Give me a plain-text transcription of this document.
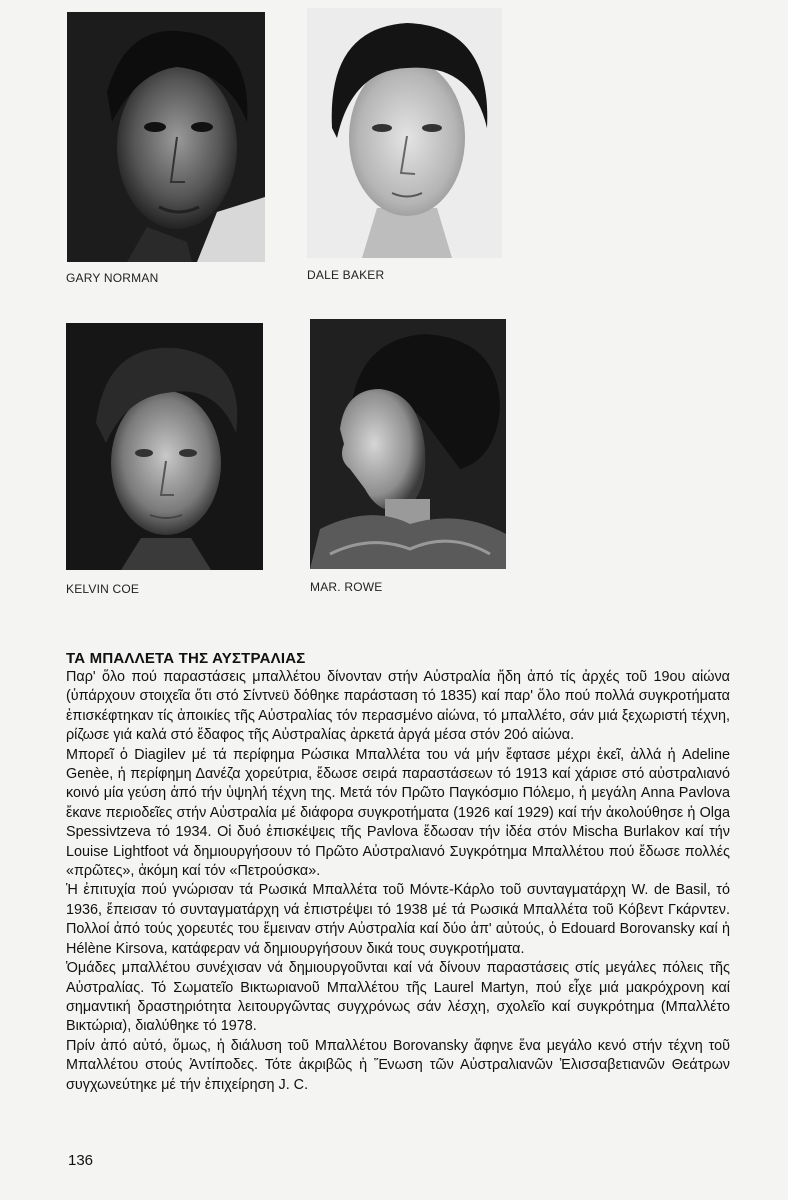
GARY NORMAN	DALE BAKER
KELVIN COE	MAR. ROWE
ΤΑ ΜΠΑΛΛΕΤΑ ΤΗΣ ΑΥΣΤΡΑΛΙΑΣ

Παρ' ὅλο πού παραστάσεις μπαλλέτου δίνονταν στήν Αὐστραλία ἤδη ἀπό τίς ἀρχές τοῦ 19ου αἰώνα (ὑπάρχουν στοιχεῖα ὅτι στό Σίντνεϋ δόθηκε παράσταση τό 1835) καί παρ' ὅλο πού πολλά συγκροτήματα ἐπισκέφτηκαν τίς ἀποικίες τῆς Αὐστραλίας τόν περασμένο αἰώνα, τό μπαλλέτο, σάν μιά ξεχωριστή τέχνη, ρίζωσε γιά καλά στό ἔδαφος τῆς Αὐστραλίας ἀρκετά ἀργά μέσα στόν 20ό αἰώνα.

Μπορεῖ ὁ Diagilev μέ τά περίφημα Ρώσικα Μπαλλέτα του νά μήν ἔφτασε μέχρι ἐκεῖ, ἀλλά ἡ Adeline Genèe, ἡ περίφημη Δανέζα χορεύτρια, ἔδωσε σειρά παραστάσεων τό 1913 καί χάρισε στό αὐστραλιανό κοινό μία γεύση ἀπό τήν ὑψηλή τέχνη της. Μετά τόν Πρῶτο Παγκόσμιο Πόλεμο, ἡ μεγάλη Anna Pavlova ἔκανε περιοδεῖες στήν Αὐστραλία μέ διάφορα συγκροτήματα (1926 καί 1929) καί τήν ἀκολούθησε ἡ Olga Spessivtzeva τό 1934. Οἱ δυό ἐπισκέψεις τῆς Pavlova ἔδωσαν τήν ἰδέα στόν Mischa Burlakov καί τήν Louise Lightfoot νά δημιουργήσουν τό Πρῶτο Αὐστραλιανό Συγκρότημα Μπαλλέτου πού ἔδωσε πολλές «πρῶτες», ἀκόμη καί τόν «Πετρούσκα».

Ἡ ἐπιτυχία πού γνώρισαν τά Ρωσικά Μπαλλέτα τοῦ Μόντε-Κάρλο τοῦ συνταγματάρχη W. de Basil, τό 1936, ἔπεισαν τό συνταγματάρχη νά ἐπιστρέψει τό 1938 μέ τά Ρωσικά Μπαλλέτα τοῦ Κόβεντ Γκάρντεν. Πολλοί ἀπό τούς χορευτές του ἔμειναν στήν Αὐστραλία καί δύο ἀπ' αὐτούς, ὁ Edouard Borovansky καί ἡ Hélène Kirsova, κατάφεραν νά δημιουργήσουν δικά τους συγκροτήματα.

Ὁμάδες μπαλλέτου συνέχισαν νά δημιουργοῦνται καί νά δίνουν παραστάσεις στίς μεγάλες πόλεις τῆς Αὐστραλίας. Τό Σωματεῖο Βικτωριανοῦ Μπαλλέτου τῆς Laurel Martyn, πού εἶχε μιά μακρόχρονη καί σημαντική δραστηριότητα λειτουργῶντας συγχρόνως σάν λέσχη, σχολεῖο καί συγκρότημα (Μπαλλέτο Βικτώρια), διαλύθηκε τό 1978.

Πρίν ἀπό αὐτό, ὅμως, ἡ διάλυση τοῦ Μπαλλέτου Borovansky ἄφηνε ἕνα μεγάλο κενό στήν τέχνη τοῦ Μπαλλέτου στούς Ἀντίποδες. Τότε ἀκριβῶς ἡ Ἕνωση τῶν Αὐστραλιανῶν Ἐλισσαβετιανῶν Θεάτρων συγχωνεύτηκε μέ τήν ἐπιχείρηση J. C.

136
